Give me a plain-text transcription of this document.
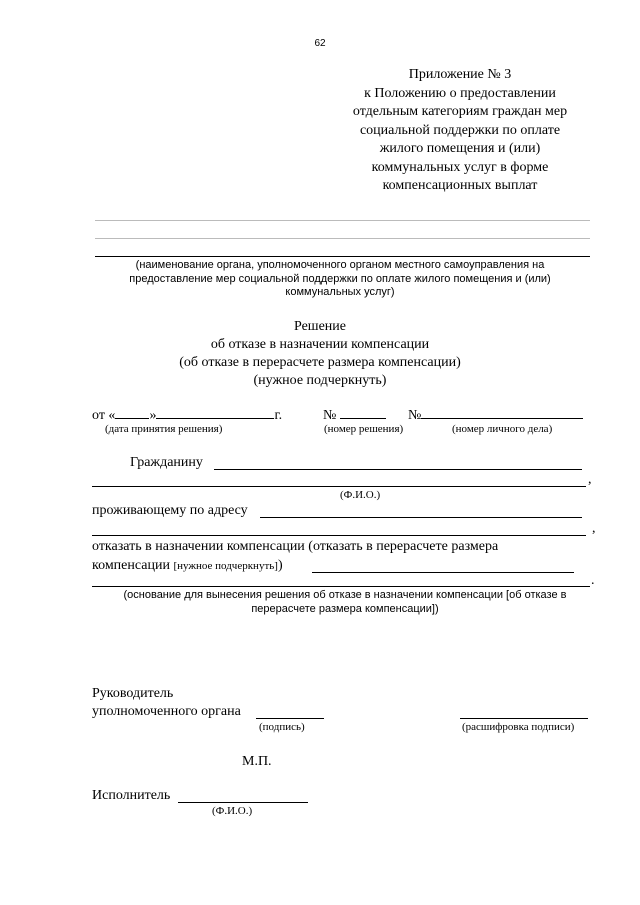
62
Приложение № 3
к Положению о предоставлении
отдельным категориям граждан мер
социальной поддержки по оплате
жилого помещения и (или)
коммунальных услуг в форме
компенсационных выплат
(наименование органа, уполномоченного органом местного самоуправления на
предоставление мер социальной поддержки по оплате жилого помещения и (или)
коммунальных услуг)
Решение
об отказе в назначении компенсации
(об отказе в перерасчете размера компенсации)
(нужное подчеркнуть)
от « »	г.	№	№
(дата принятия решения)	(номер решения)	(номер личного дела)
Гражданину
,
(Ф.И.О.)
проживающему по адресу
,
отказать в назначении компенсации (отказать в перерасчете размера
компенсации [нужное подчеркнуть])
.
(основание для вынесения решения об отказе в назначении компенсации [об отказе в
перерасчете размера компенсации])
Руководитель
уполномоченного органа
(подпись)	(расшифровка подписи)
М.П.
Исполнитель
(Ф.И.О.)
